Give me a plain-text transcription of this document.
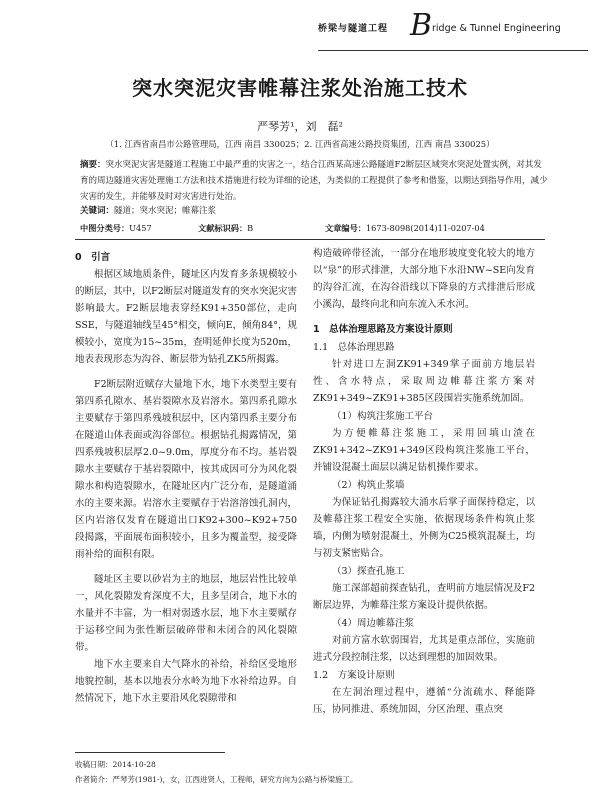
桥梁与隧道工程 B ridge & Tunnel Engineering
突水突泥灾害帷幕注浆处治施工技术
严琴芳¹，刘　磊²
（1. 江西省南昌市公路管理局，江西 南昌 330025；2. 江西省高速公路投资集团，江西 南昌 330025）
摘要：突水突泥灾害是隧道工程施工中最严重的灾害之一，结合江西某高速公路隧道F2断层区域突水突泥处置实例，对其发育的周边隧道灾害处理施工方法和技术措施进行较为详细的论述，为类似的工程提供了参考和借鉴，以期达到指导作用，减少灾害的发生，并能够及时对灾害进行处治。
关键词：隧道；突水突泥；帷幕注浆
中图分类号：U457	文献标识码：B	文章编号：1673-8098(2014)11-0207-04

0　引言

根据区域地质条件，隧址区内发育多条规模较小的断层，其中，以F2断层对隧道发育的突水突泥灾害影响最大。F2断层地表穿经K91+350部位，走向SSE，与隧道轴线呈45°相交，倾向E，倾角84°，规模较小，宽度为15~35m，查明延伸长度为520m，地表表现形态为沟谷、断层带为钻孔ZK5所揭露。

F2断层附近赋存大量地下水，地下水类型主要有第四系孔隙水、基岩裂隙水及岩溶水。第四系孔隙水主要赋存于第四系残坡积层中，区内第四系主要分布在隧道山体表面或沟谷部位。根据钻孔揭露情况，第四系残坡积层厚2.0~9.0m，厚度分布不均。基岩裂隙水主要赋存于基岩裂隙中，按其成因可分为风化裂隙水和构造裂隙水，在隧址区内广泛分布，是隧道涌水的主要来源。岩溶水主要赋存于岩溶溶蚀孔洞内，区内岩溶仅发育在隧道出口K92+300~K92+750段揭露，平面展布面积较小，且多为覆盖型，接受降雨补给的面积有限。

隧址区主要以砂岩为主的地层，地层岩性比较单一，风化裂隙发育深度不大，且多呈闭合，地下水的水量并不丰富，为一相对弱透水层，地下水主要赋存于运移空间为张性断层破碎带和未闭合的风化裂隙带。

地下水主要来自大气降水的补给，补给区受地形地貌控制，基本以地表分水岭为地下水补给边界。自然情况下，地下水主要沿风化裂隙带和

构造破碎带径流，一部分在地形坡度变化较大的地方以“泉”的形式排泄，大部分地下水沿NW~SE向发育的沟谷汇流，在沟谷沿线以下降泉的方式排泄后形成小溪沟，最终向北和向东流入禾水河。

1　总体治理思路及方案设计原则

1.1　总体治理思路

针对进口左洞ZK91+349掌子面前方地层岩性、含水特点，采取周边帷幕注浆方案对ZK91+349~ZK91+385区段围岩实施系统加固。

（1）构筑注浆施工平台

为方便帷幕注浆施工，采用回填山渣在ZK91+342~ZK91+349区段构筑注浆施工平台，并铺设混凝土面层以满足钻机操作要求。

（2）构筑止浆墙

为保证钻孔揭露较大涌水后掌子面保持稳定，以及帷幕注浆工程安全实施，依据现场条件构筑止浆墙，内侧为喷射混凝土，外侧为C25模筑混凝土，均与初支紧密贴合。

（3）探查孔施工

施工深部超前探查钻孔，查明前方地层情况及F2断层边界，为帷幕注浆方案设计提供依据。

（4）周边帷幕注浆

对前方富水软弱围岩，尤其是重点部位，实施前进式分段控制注浆，以达到理想的加固效果。

1.2　方案设计原则

在左洞治理过程中，遵循“分流疏水、释能降压，协同推进、系统加固，分区治理、重点突

收稿日期：2014-10-28
作者简介：严琴芳(1981-)，女，江西进贤人，工程师，研究方向为公路与桥梁施工。
